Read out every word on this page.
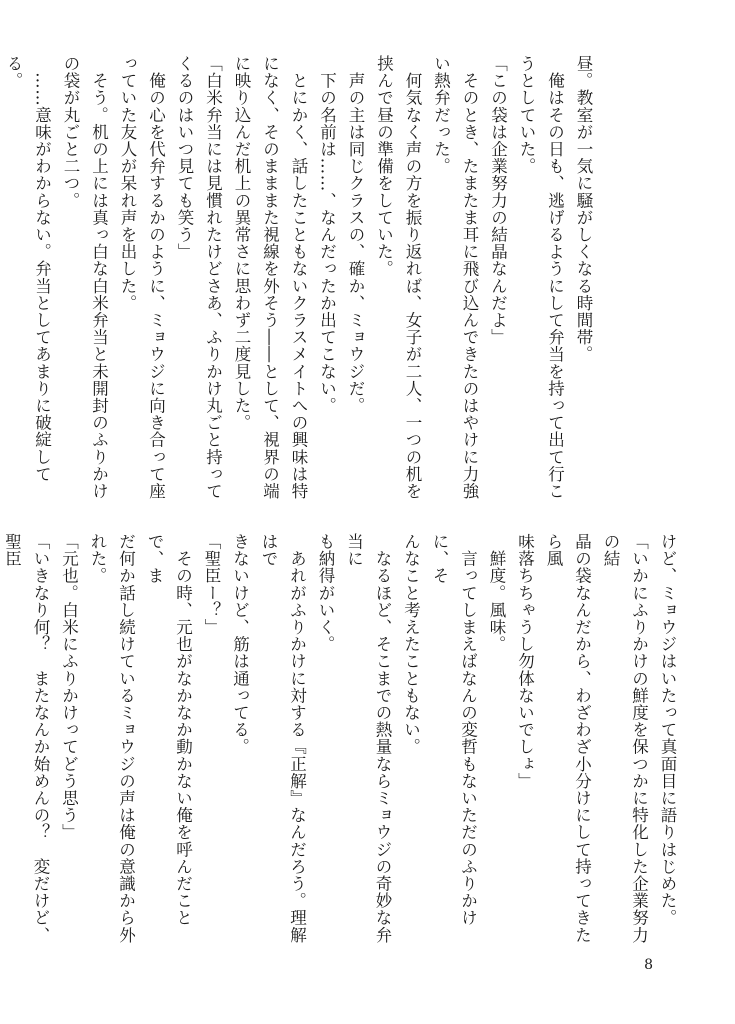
昼。教室が一気に騒がしくなる時間帯。
　俺はその日も、逃げるようにして弁当を持って出て行こ
うとしていた。
「この袋は企業努力の結晶なんだよ」
　そのとき、たまたま耳に飛び込んできたのはやけに力強
い熱弁だった。
　何気なく声の方を振り返れば、女子が二人、一つの机を
挟んで昼の準備をしていた。
　声の主は同じクラスの、確か、ミョウジだ。
　下の名前は……、なんだったか出てこない。
　とにかく、話したこともないクラスメイトへの興味は特
になく、そのまままた視線を外そう――として、視界の端
に映り込んだ机上の異常さに思わず二度見した。
「白米弁当には見慣れたけどさあ、ふりかけ丸ごと持って
くるのはいつ見ても笑う」
　俺の心を代弁するかのように、ミョウジに向き合って座
っていた友人が呆れ声を出した。
　そう。机の上には真っ白な白米弁当と未開封のふりかけ
の袋が丸ごと二つ。
　……意味がわからない。弁当としてあまりに破綻してる。
けど、ミョウジはいたって真面目に語りはじめた。
「いかにふりかけの鮮度を保つかに特化した企業努力の結
晶の袋なんだから、わざわざ小分けにして持ってきたら風
味落ちちゃうし勿体ないでしょ」
　鮮度。風味。
　言ってしまえばなんの変哲もないただのふりかけに、そ
んなこと考えたこともない。
　なるほど、そこまでの熱量ならミョウジの奇妙な弁当に
も納得がいく。
　あれがふりかけに対する『正解』なんだろう。理解はで
きないけど、筋は通ってる。
「聖臣ー？」
　その時、元也がなかなか動かない俺を呼んだことで、ま
だ何か話し続けているミョウジの声は俺の意識から外れた。
「元也。白米にふりかけってどう思う」
「いきなり何？　またなんか始めんの？　変だけど、聖臣
8
